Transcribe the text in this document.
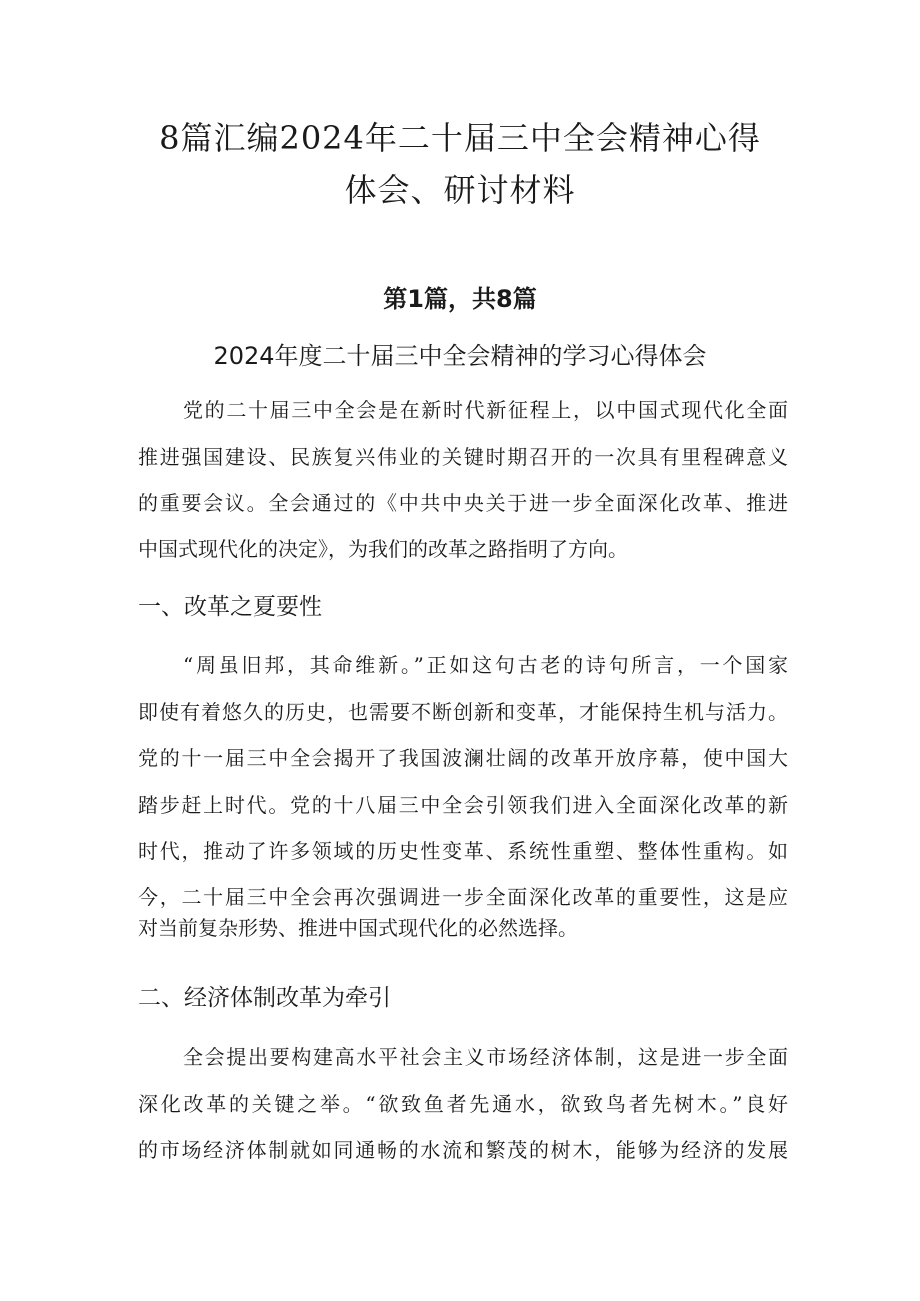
8篇汇编2024年二十届三中全会精神心得
体会、研讨材料

第1篇，共8篇

2024年度二十届三中全会精神的学习心得体会

党的二十届三中全会是在新时代新征程上，以中国式现代化全面

推进强国建设、民族复兴伟业的关键时期召开的一次具有里程碑意义

的重要会议。全会通过的《中共中央关于进一步全面深化改革、推进

中国式现代化的决定》，为我们的改革之路指明了方向。

一、改革之夏要性

“周虽旧邦，其命维新。”正如这句古老的诗句所言，一个国家

即使有着悠久的历史，也需要不断创新和变革，才能保持生机与活力。

党的十一届三中全会揭开了我国波澜壮阔的改革开放序幕，使中国大

踏步赶上时代。党的十八届三中全会引领我们进入全面深化改革的新

时代，推动了许多领域的历史性变革、系统性重塑、整体性重构。如

今，二十届三中全会再次强调进一步全面深化改革的重要性，这是应

对当前复杂形势、推进中国式现代化的必然选择。

二、经济体制改革为牵引

全会提出要构建高水平社会主义市场经济体制，这是进一步全面

深化改革的关键之举。“欲致鱼者先通水，欲致鸟者先树木。”良好

的市场经济体制就如同通畅的水流和繁茂的树木，能够为经济的发展
